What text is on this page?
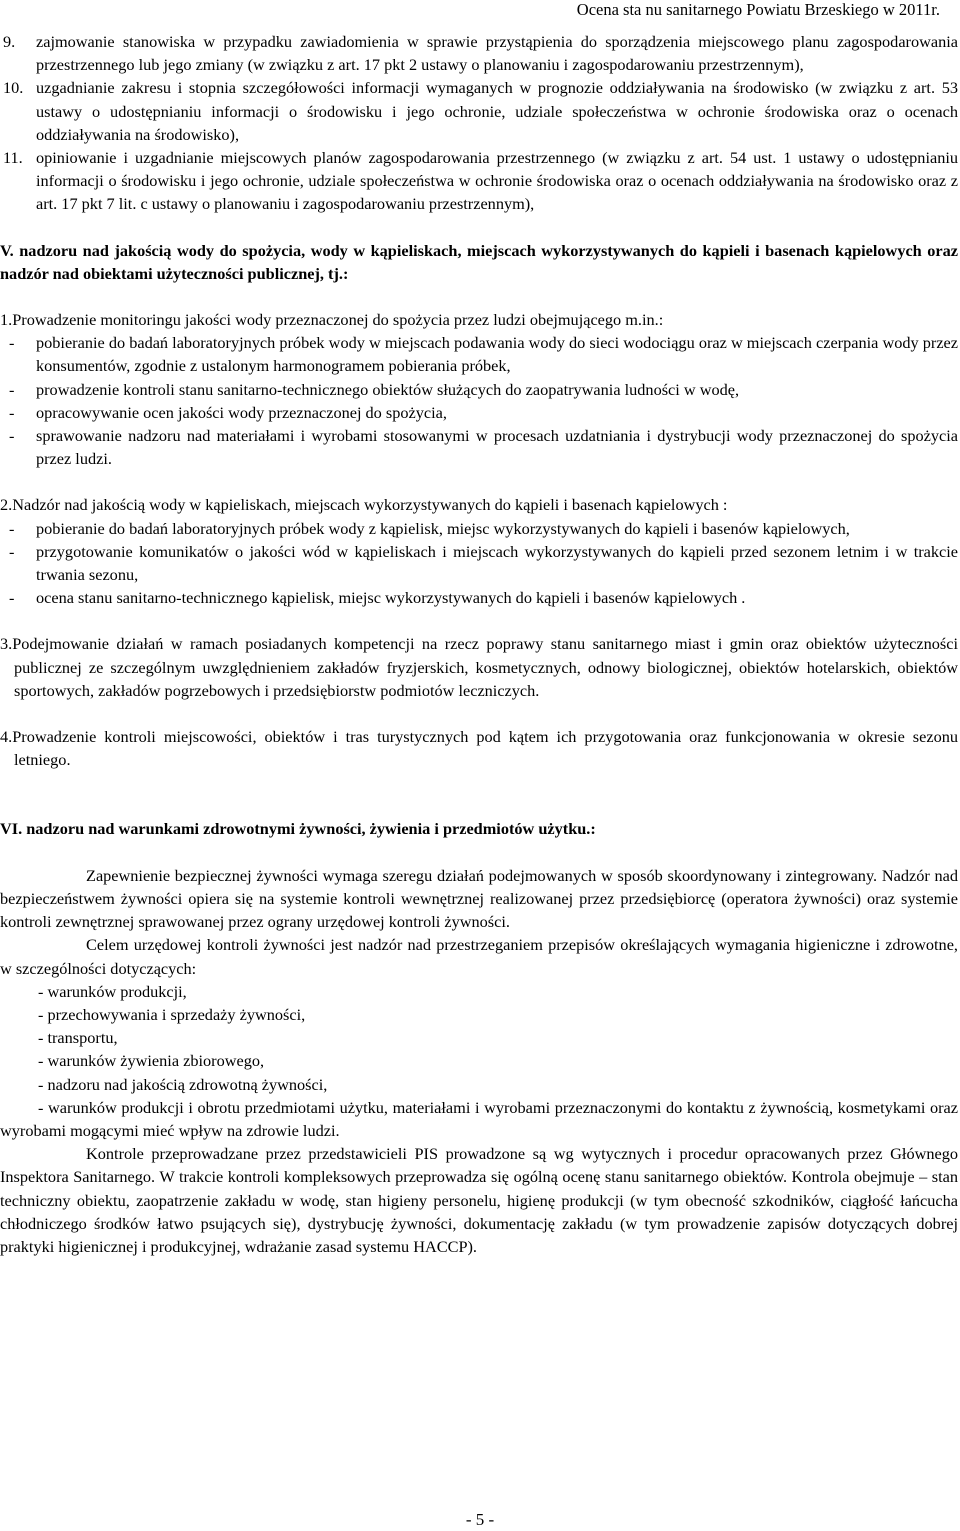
Ocena sta nu sanitarnego Powiatu Brzeskiego w 2011r.
9.	zajmowanie stanowiska w przypadku zawiadomienia w sprawie przystąpienia do sporządzenia miejscowego planu zagospodarowania przestrzennego lub jego zmiany (w związku z art. 17 pkt 2 ustawy o planowaniu i zagospodarowaniu przestrzennym),
10. uzgadnianie zakresu i stopnia szczegółowości informacji wymaganych w prognozie oddziaływania na środowisko (w związku z art. 53 ustawy o udostępnianiu informacji o środowisku i jego ochronie, udziale społeczeństwa w ochronie środowiska oraz o ocenach oddziaływania na środowisko),
11. opiniowanie i uzgadnianie miejscowych planów zagospodarowania przestrzennego (w związku z art. 54 ust. 1 ustawy o udostępnianiu informacji o środowisku i jego ochronie, udziale społeczeństwa w ochronie środowiska oraz o ocenach oddziaływania na środowisko oraz z art. 17 pkt 7 lit. c ustawy o planowaniu i zagospodarowaniu przestrzennym),

V. nadzoru nad jakością wody do spożycia, wody w kąpieliskach, miejscach wykorzystywanych do kąpieli i basenach kąpielowych oraz nadzór nad obiektami użyteczności publicznej, tj.:

1.Prowadzenie monitoringu jakości wody przeznaczonej do spożycia przez ludzi obejmującego m.in.:

-	pobieranie do badań laboratoryjnych próbek wody w miejscach podawania wody do sieci wodociągu oraz w miejscach czerpania wody przez konsumentów, zgodnie z ustalonym harmonogramem pobierania próbek,
-	prowadzenie kontroli stanu sanitarno-technicznego obiektów służących do zaopatrywania ludności w wodę,
-	opracowywanie ocen jakości wody przeznaczonej do spożycia,
-	sprawowanie nadzoru nad materiałami i wyrobami stosowanymi w procesach uzdatniania i dystrybucji wody przeznaczonej do spożycia przez ludzi.

2.Nadzór nad jakością wody w kąpieliskach, miejscach wykorzystywanych do kąpieli i basenach kąpielowych :

-	pobieranie do badań laboratoryjnych próbek wody z kąpielisk, miejsc wykorzystywanych do kąpieli i basenów kąpielowych,
-	przygotowanie komunikatów o jakości wód w kąpieliskach i miejscach wykorzystywanych do kąpieli przed sezonem letnim i w trakcie trwania sezonu,
-	ocena stanu sanitarno-technicznego kąpielisk, miejsc wykorzystywanych do kąpieli i basenów kąpielowych .

3.Podejmowanie działań w ramach posiadanych kompetencji na rzecz poprawy stanu sanitarnego miast i gmin oraz obiektów użyteczności publicznej ze szczególnym uwzględnieniem zakładów fryzjerskich, kosmetycznych, odnowy biologicznej, obiektów hotelarskich, obiektów sportowych, zakładów pogrzebowych i przedsiębiorstw podmiotów leczniczych.

4.Prowadzenie kontroli miejscowości, obiektów i tras turystycznych pod kątem ich przygotowania oraz funkcjonowania w okresie sezonu letniego.

VI. nadzoru nad warunkami zdrowotnymi żywności, żywienia i przedmiotów użytku.:

Zapewnienie bezpiecznej żywności wymaga szeregu działań podejmowanych w sposób skoordynowany i zintegrowany. Nadzór nad bezpieczeństwem żywności opiera się na systemie kontroli wewnętrznej realizowanej przez przedsiębiorcę (operatora żywności) oraz systemie kontroli zewnętrznej sprawowanej przez ograny urzędowej kontroli żywności.

Celem urzędowej kontroli żywności jest nadzór nad przestrzeganiem przepisów określających wymagania higieniczne i zdrowotne, w szczególności dotyczących:

- warunków produkcji,

- przechowywania i sprzedaży żywności,

- transportu,

- warunków żywienia zbiorowego,

- nadzoru nad jakością zdrowotną żywności,

- warunków produkcji i obrotu przedmiotami użytku, materiałami i wyrobami przeznaczonymi do kontaktu z żywnością, kosmetykami oraz wyrobami mogącymi mieć wpływ na zdrowie ludzi.

Kontrole przeprowadzane przez przedstawicieli PIS prowadzone są wg wytycznych i procedur opracowanych przez Głównego Inspektora Sanitarnego. W trakcie kontroli kompleksowych przeprowadza się ogólną ocenę stanu sanitarnego obiektów. Kontrola obejmuje – stan techniczny obiektu, zaopatrzenie zakładu w wodę, stan higieny personelu, higienę produkcji (w tym obecność szkodników, ciągłość łańcucha chłodniczego środków łatwo psujących się), dystrybucję żywności, dokumentację zakładu (w tym prowadzenie zapisów dotyczących dobrej praktyki higienicznej i produkcyjnej, wdrażanie zasad systemu HACCP).

- 5 -
